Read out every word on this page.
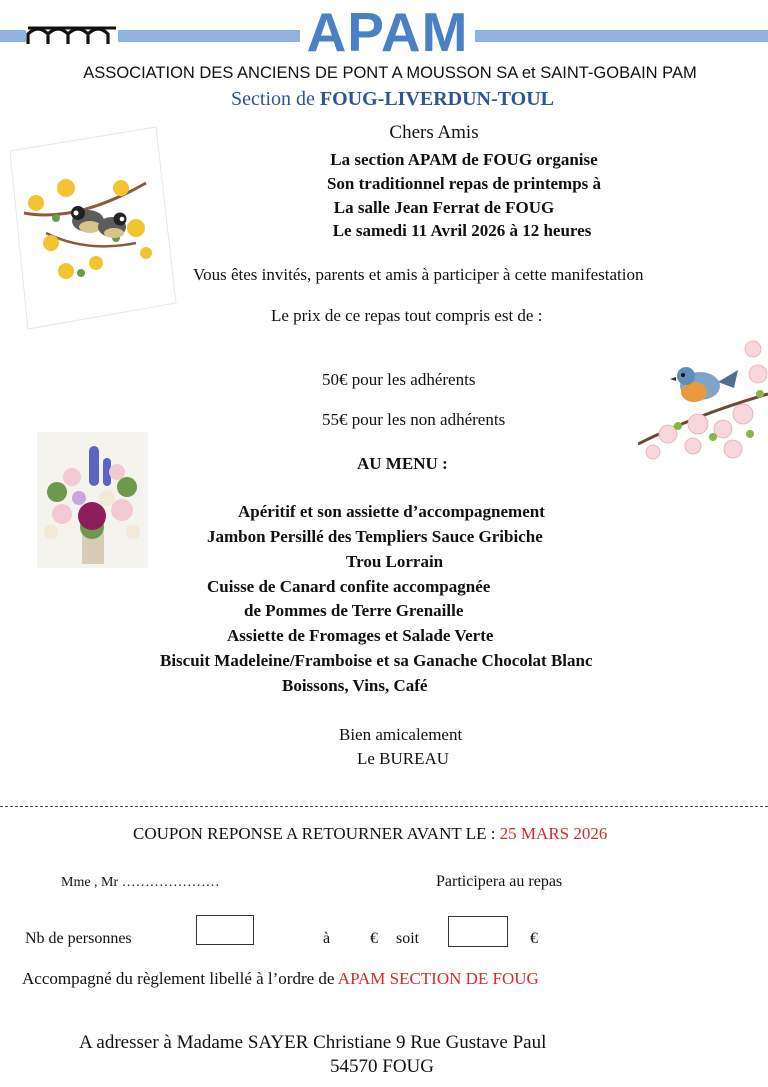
APAM
ASSOCIATION DES ANCIENS DE PONT A MOUSSON SA et SAINT-GOBAIN PAM
Section de FOUG-LIVERDUN-TOUL
Chers Amis
La section APAM de FOUG organise
Son traditionnel repas de printemps à
La salle Jean Ferrat de FOUG
Le samedi 11 Avril 2026 à 12 heures
Vous êtes invités, parents et amis à participer à cette manifestation
Le prix de ce repas tout compris est de :
50€ pour les adhérents
55€ pour les non adhérents
AU MENU :
Apéritif et son assiette d’accompagnement
Jambon Persillé des Templiers Sauce Gribiche
Trou Lorrain
Cuisse de Canard confite accompagnée
de Pommes de Terre Grenaille
Assiette de Fromages et Salade Verte
Biscuit Madeleine/Framboise et sa Ganache Chocolat Blanc
Boissons, Vins, Café
Bien amicalement
Le BUREAU
COUPON REPONSE A RETOURNER AVANT LE : 25 MARS 2026
Mme , Mr …………………	Participera au repas
Nb de personnes	à € soit	€
Accompagné du règlement libellé à l’ordre de APAM SECTION DE FOUG
A adresser à Madame SAYER Christiane 9 Rue Gustave Paul
54570 FOUG
